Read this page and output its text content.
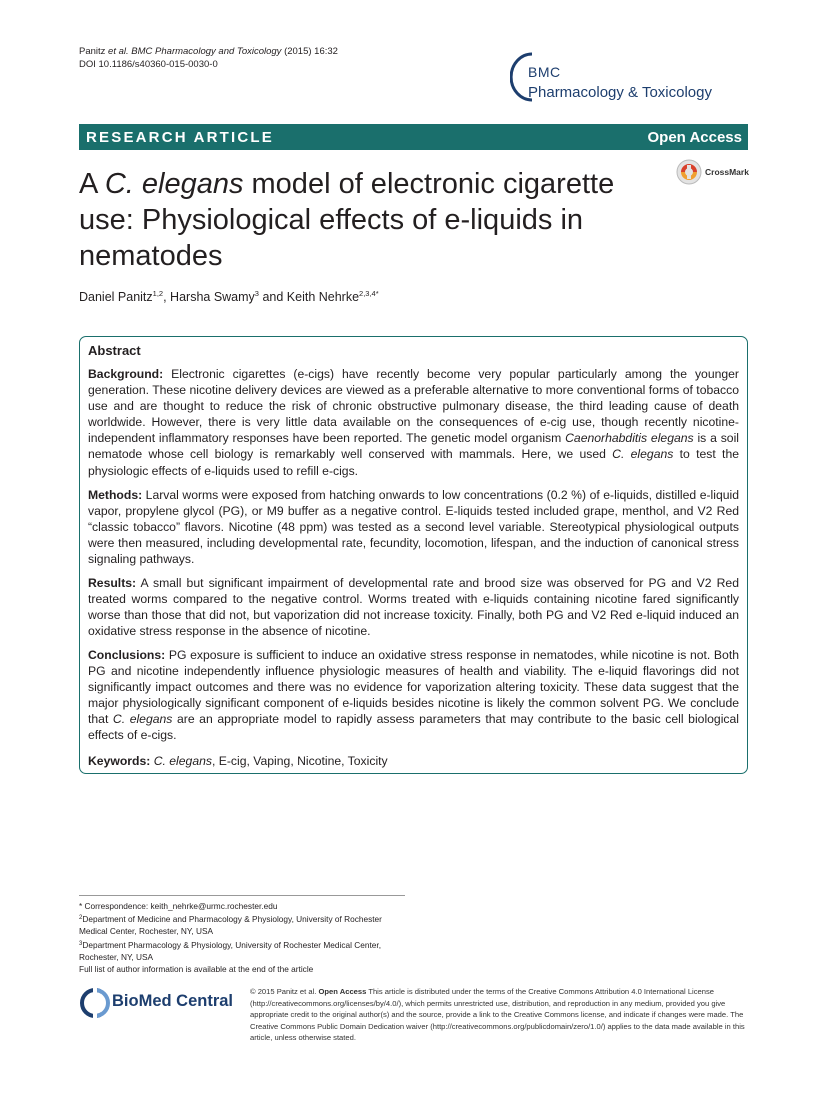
Panitz et al. BMC Pharmacology and Toxicology (2015) 16:32
DOI 10.1186/s40360-015-0030-0	BMC
Pharmacology & Toxicology
RESEARCH ARTICLE	Open Access
CrossMark
A C. elegans model of electronic cigarette use: Physiological effects of e-liquids in nematodes
Daniel Panitz$^{1,2}$, Harsha Swamy$^3$ and Keith Nehrke$^{2,3,4*}$
Abstract
Background: Electronic cigarettes (e-cigs) have recently become very popular particularly among the younger generation. These nicotine delivery devices are viewed as a preferable alternative to more conventional forms of tobacco use and are thought to reduce the risk of chronic obstructive pulmonary disease, the third leading cause of death worldwide. However, there is very little data available on the consequences of e-cig use, though recently nicotine-independent inflammatory responses have been reported. The genetic model organism Caenorhabditis elegans is a soil nematode whose cell biology is remarkably well conserved with mammals. Here, we used C. elegans to test the physiologic effects of e-liquids used to refill e-cigs.
Methods: Larval worms were exposed from hatching onwards to low concentrations (0.2 %) of e-liquids, distilled e-liquid vapor, propylene glycol (PG), or M9 buffer as a negative control. E-liquids tested included grape, menthol, and V2 Red “classic tobacco” flavors. Nicotine (48 ppm) was tested as a second level variable. Stereotypical physiological outputs were then measured, including developmental rate, fecundity, locomotion, lifespan, and the induction of canonical stress signaling pathways.
Results: A small but significant impairment of developmental rate and brood size was observed for PG and V2 Red treated worms compared to the negative control. Worms treated with e-liquids containing nicotine fared significantly worse than those that did not, but vaporization did not increase toxicity. Finally, both PG and V2 Red e-liquid induced an oxidative stress response in the absence of nicotine.
Conclusions: PG exposure is sufficient to induce an oxidative stress response in nematodes, while nicotine is not. Both PG and nicotine independently influence physiologic measures of health and viability. The e-liquid flavorings did not significantly impact outcomes and there was no evidence for vaporization altering toxicity. These data suggest that the major physiologically significant component of e-liquids besides nicotine is likely the common solvent PG. We conclude that C. elegans are an appropriate model to rapidly assess parameters that may contribute to the basic cell biological effects of e-cigs.
Keywords: C. elegans, E-cig, Vaping, Nicotine, Toxicity
* Correspondence: keith_nehrke@urmc.rochester.edu
$^2$Department of Medicine and Pharmacology & Physiology, University of Rochester Medical Center, Rochester, NY, USA
$^3$Department Pharmacology & Physiology, University of Rochester Medical Center, Rochester, NY, USA
Full list of author information is available at the end of the article
BioMed Central
© 2015 Panitz et al. Open Access This article is distributed under the terms of the Creative Commons Attribution 4.0 International License (http://creativecommons.org/licenses/by/4.0/), which permits unrestricted use, distribution, and reproduction in any medium, provided you give appropriate credit to the original author(s) and the source, provide a link to the Creative Commons license, and indicate if changes were made. The Creative Commons Public Domain Dedication waiver (http://creativecommons.org/publicdomain/zero/1.0/) applies to the data made available in this article, unless otherwise stated.
